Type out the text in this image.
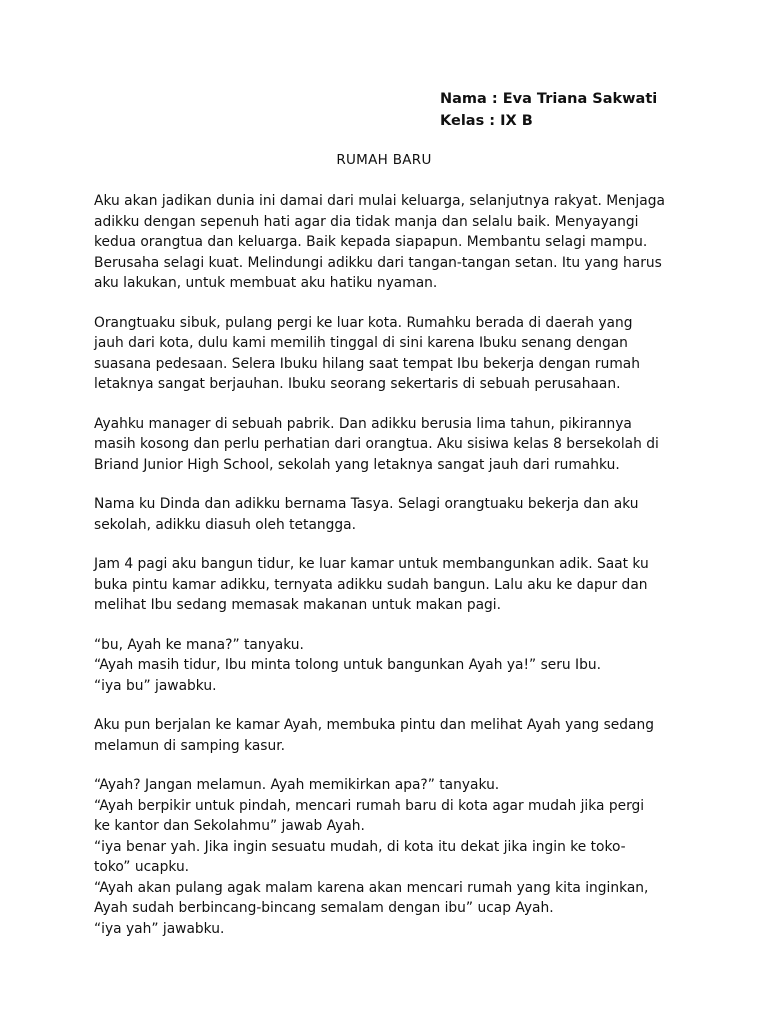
Nama : Eva Triana Sakwati
Kelas : IX B
RUMAH BARU
Aku akan jadikan dunia ini damai dari mulai keluarga, selanjutnya rakyat. Menjaga
adikku dengan sepenuh hati agar dia tidak manja dan selalu baik. Menyayangi
kedua orangtua dan keluarga. Baik kepada siapapun. Membantu selagi mampu.
Berusaha selagi kuat. Melindungi adikku dari tangan-tangan setan. Itu yang harus
aku lakukan, untuk membuat aku hatiku nyaman.
Orangtuaku sibuk, pulang pergi ke luar kota. Rumahku berada di daerah yang
jauh dari kota, dulu kami memilih tinggal di sini karena Ibuku senang dengan
suasana pedesaan. Selera Ibuku hilang saat tempat Ibu bekerja dengan rumah
letaknya sangat berjauhan. Ibuku seorang sekertaris di sebuah perusahaan.
Ayahku manager di sebuah pabrik. Dan adikku berusia lima tahun, pikirannya
masih kosong dan perlu perhatian dari orangtua. Aku sisiwa kelas 8 bersekolah di
Briand Junior High School, sekolah yang letaknya sangat jauh dari rumahku.
Nama ku Dinda dan adikku bernama Tasya. Selagi orangtuaku bekerja dan aku
sekolah, adikku diasuh oleh tetangga.
Jam 4 pagi aku bangun tidur, ke luar kamar untuk membangunkan adik. Saat ku
buka pintu kamar adikku, ternyata adikku sudah bangun. Lalu aku ke dapur dan
melihat Ibu sedang memasak makanan untuk makan pagi.
“bu, Ayah ke mana?” tanyaku.
“Ayah masih tidur, Ibu minta tolong untuk bangunkan Ayah ya!” seru Ibu.
“iya bu” jawabku.
Aku pun berjalan ke kamar Ayah, membuka pintu dan melihat Ayah yang sedang
melamun di samping kasur.
“Ayah? Jangan melamun. Ayah memikirkan apa?” tanyaku.
“Ayah berpikir untuk pindah, mencari rumah baru di kota agar mudah jika pergi
ke kantor dan Sekolahmu” jawab Ayah.
“iya benar yah. Jika ingin sesuatu mudah, di kota itu dekat jika ingin ke toko-
toko” ucapku.
“Ayah akan pulang agak malam karena akan mencari rumah yang kita inginkan,
Ayah sudah berbincang-bincang semalam dengan ibu” ucap Ayah.
“iya yah” jawabku.
